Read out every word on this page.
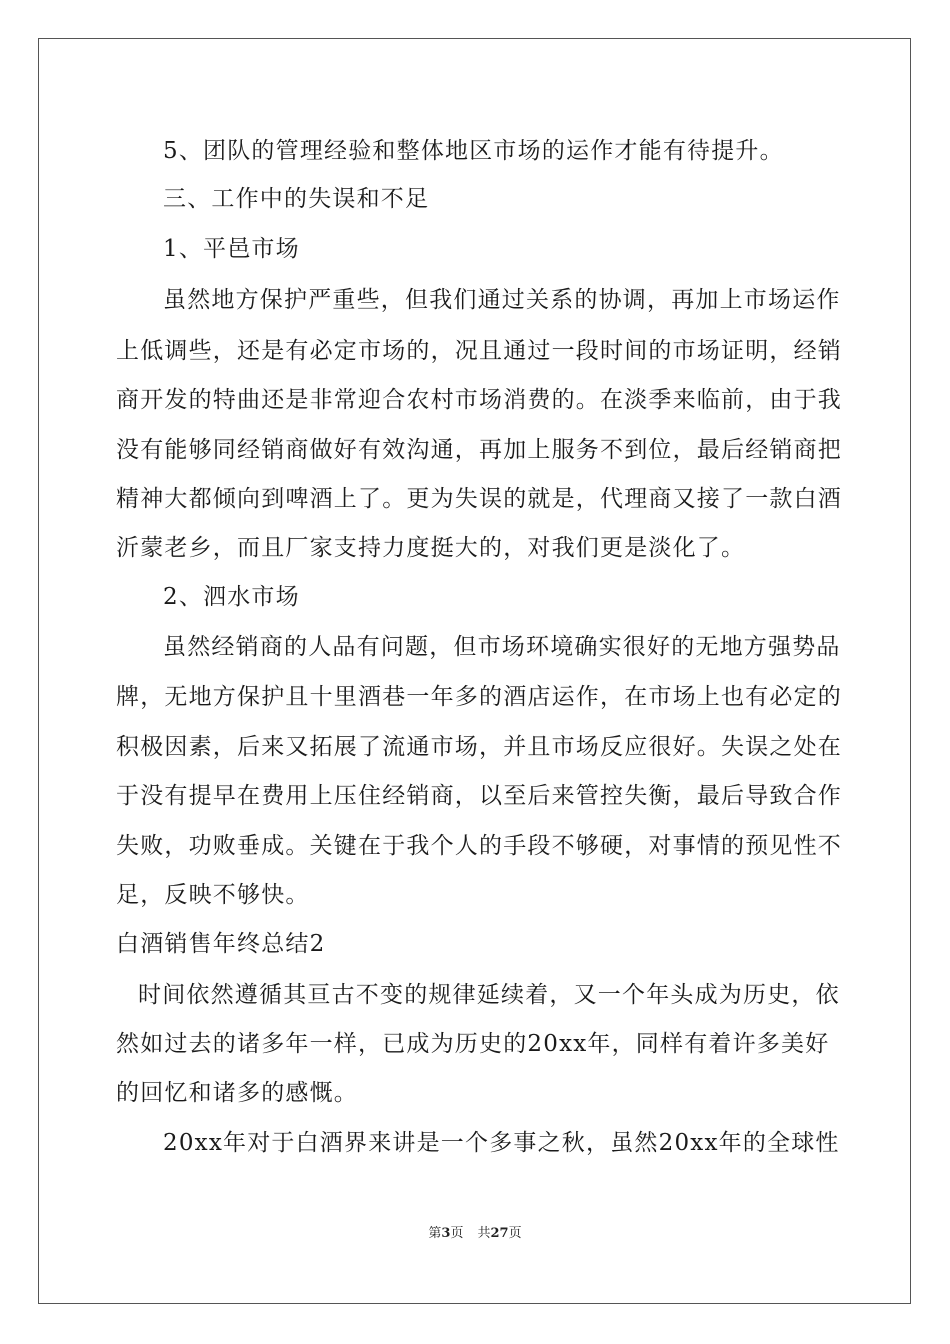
5、团队的管理经验和整体地区市场的运作才能有待提升。
三、工作中的失误和不足
1、平邑市场
虽然地方保护严重些，但我们通过关系的协调，再加上市场运作
上低调些，还是有必定市场的，况且通过一段时间的市场证明，经销
商开发的特曲还是非常迎合农村市场消费的。在淡季来临前，由于我
没有能够同经销商做好有效沟通，再加上服务不到位，最后经销商把
精神大都倾向到啤酒上了。更为失误的就是，代理商又接了一款白酒
沂蒙老乡，而且厂家支持力度挺大的，对我们更是淡化了。
2、泗水市场
虽然经销商的人品有问题，但市场环境确实很好的无地方强势品
牌，无地方保护且十里酒巷一年多的酒店运作，在市场上也有必定的
积极因素，后来又拓展了流通市场，并且市场反应很好。失误之处在
于没有提早在费用上压住经销商，以至后来管控失衡，最后导致合作
失败，功败垂成。关键在于我个人的手段不够硬，对事情的预见性不
足，反映不够快。
白酒销售年终总结2
时间依然遵循其亘古不变的规律延续着，又一个年头成为历史，依
然如过去的诸多年一样，已成为历史的20xx年，同样有着许多美好
的回忆和诸多的感慨。
20xx年对于白酒界来讲是一个多事之秋，虽然20xx年的全球性
第3页 共27页
